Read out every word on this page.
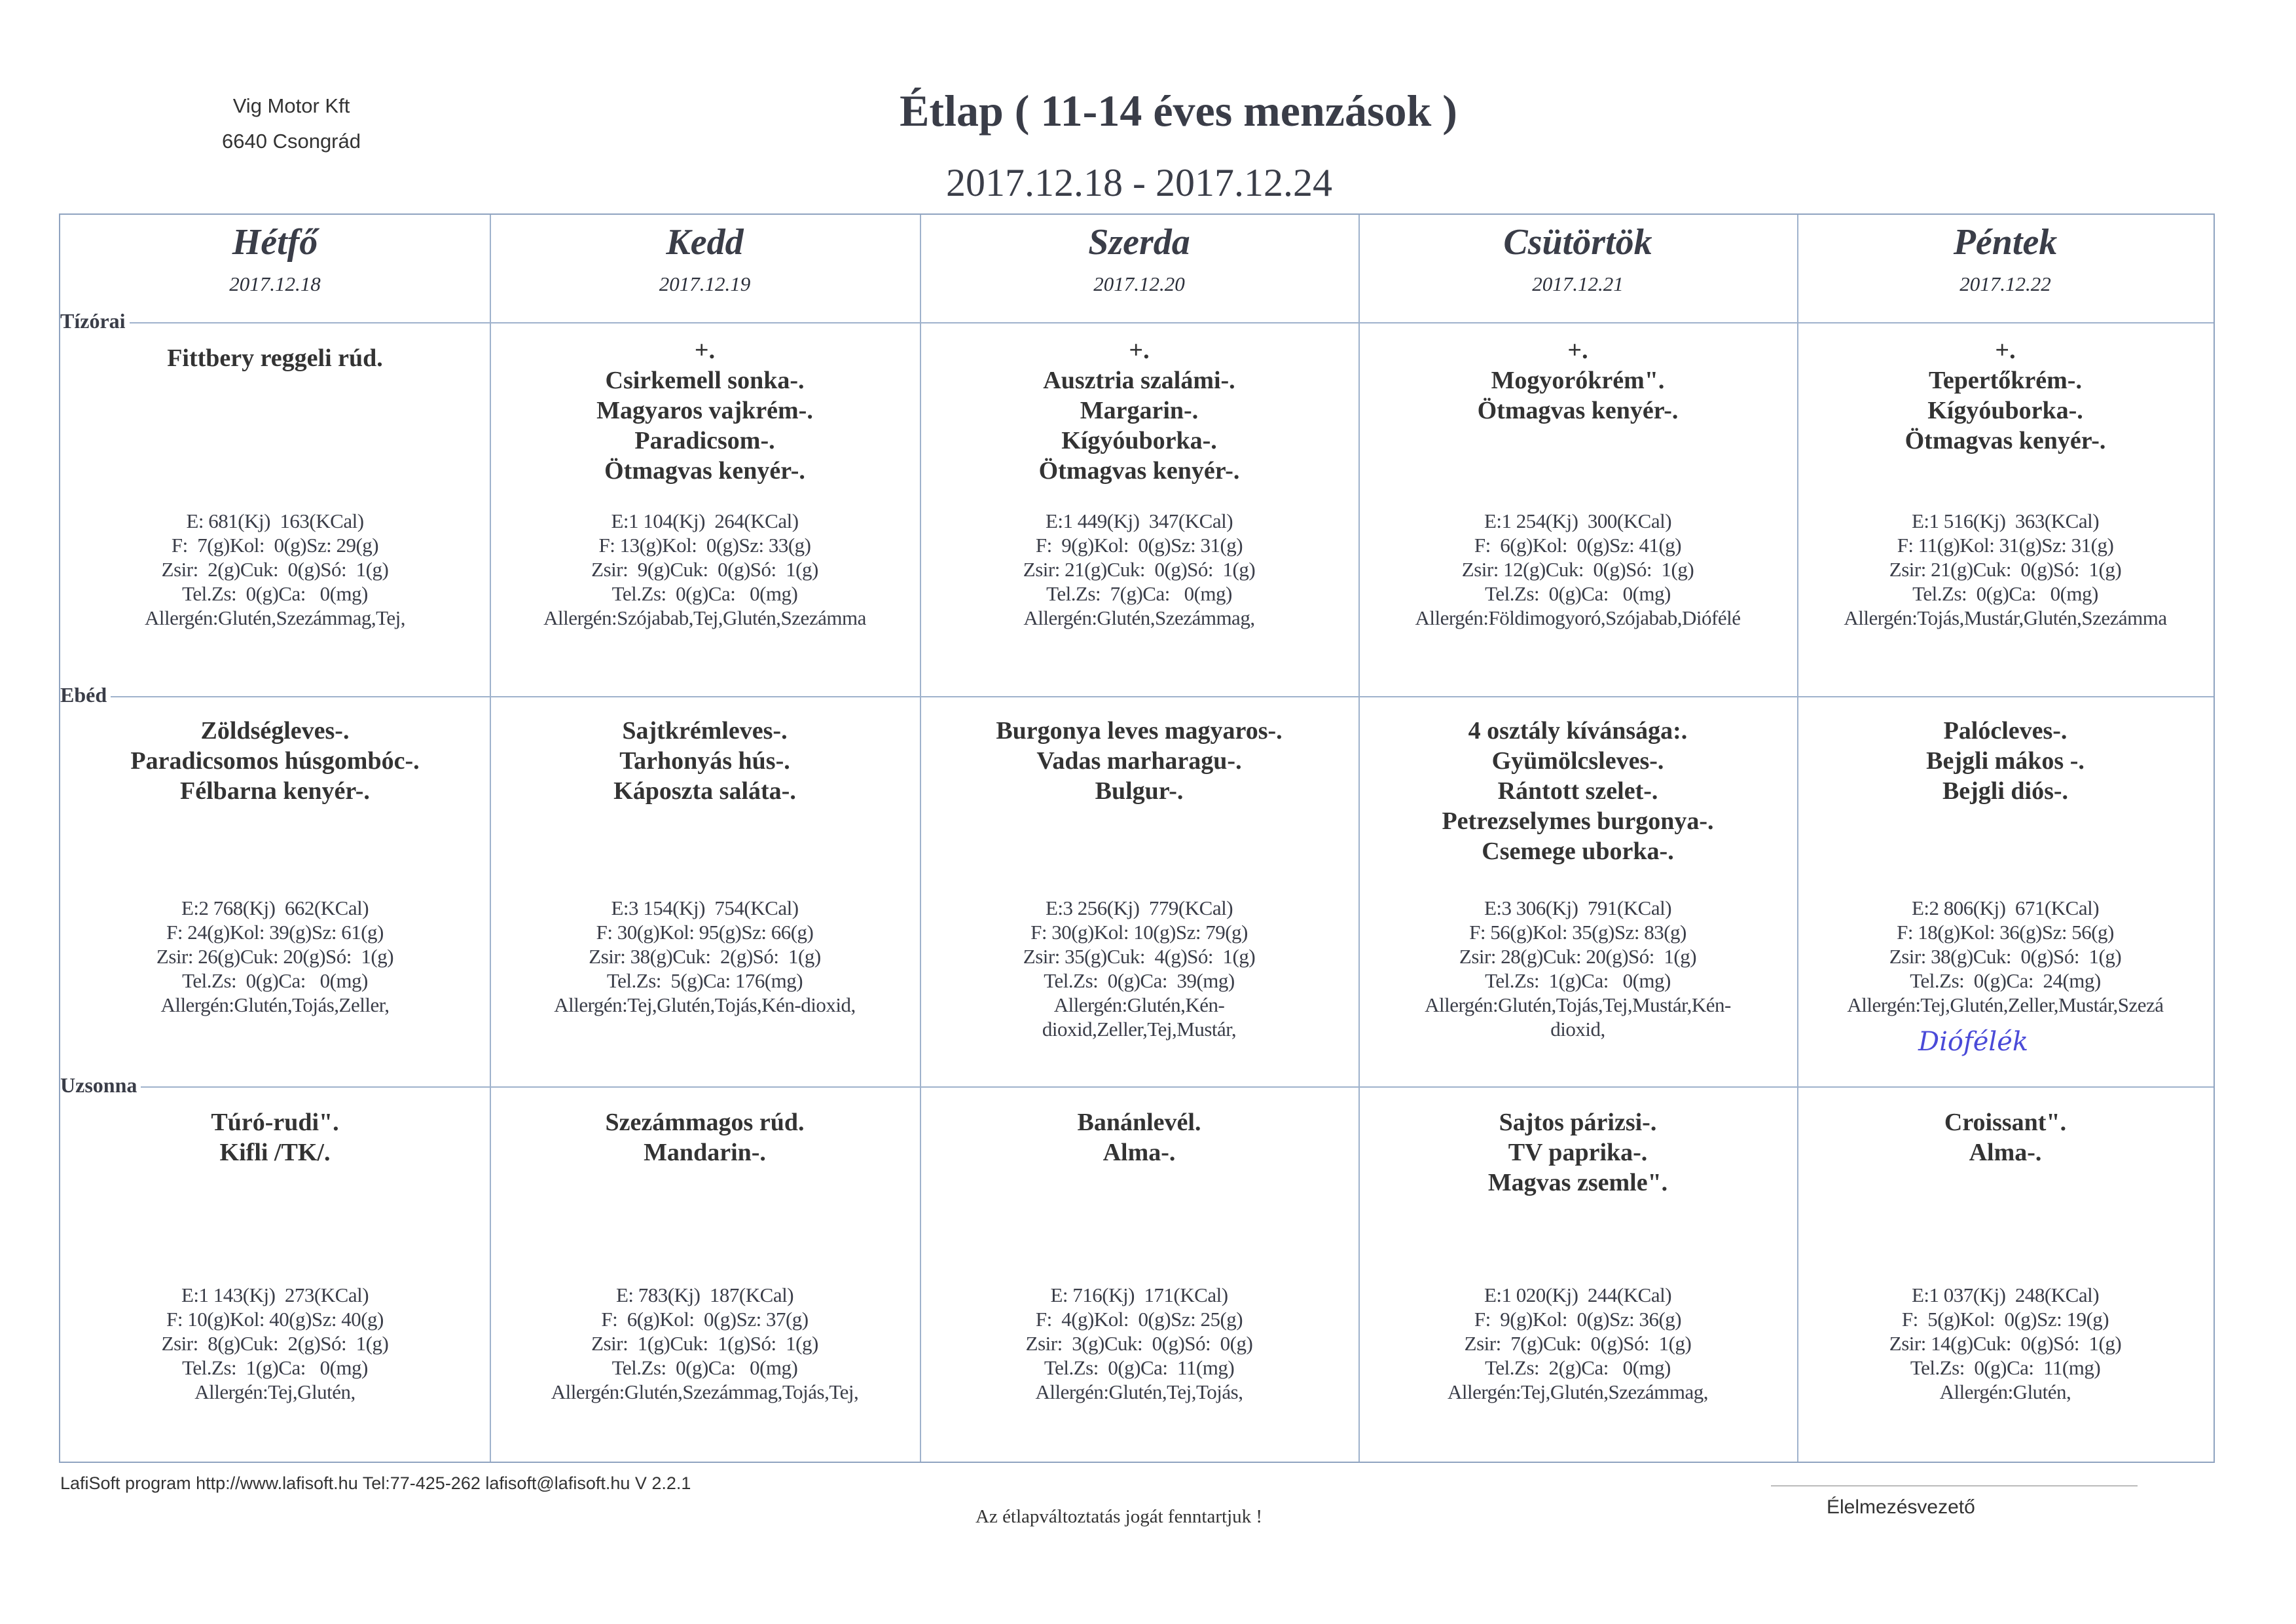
Vig Motor Kft
6640 Csongrád
Étlap ( 11-14 éves menzások )
2017.12.18 - 2017.12.24
Hétfő
2017.12.18
Fittbery reggeli rúd.
E: 681(Kj)  163(KCal)
F:  7(g)Kol:  0(g)Sz: 29(g)
Zsir:  2(g)Cuk:  0(g)Só:  1(g)
Tel.Zs:  0(g)Ca:   0(mg)
Allergén:Glutén,Szezámmag,Tej,
Zöldségleves-.
Paradicsomos húsgombóc-.
Félbarna kenyér-.
E:2 768(Kj)  662(KCal)
F: 24(g)Kol: 39(g)Sz: 61(g)
Zsir: 26(g)Cuk: 20(g)Só:  1(g)
Tel.Zs:  0(g)Ca:   0(mg)
Allergén:Glutén,Tojás,Zeller,
Túró-rudi".
Kifli /TK/.
E:1 143(Kj)  273(KCal)
F: 10(g)Kol: 40(g)Sz: 40(g)
Zsir:  8(g)Cuk:  2(g)Só:  1(g)
Tel.Zs:  1(g)Ca:   0(mg)
Allergén:Tej,Glutén,
Kedd
2017.12.19
+.
Csirkemell sonka-.
Magyaros vajkrém-.
Paradicsom-.
Ötmagvas kenyér-.
E:1 104(Kj)  264(KCal)
F: 13(g)Kol:  0(g)Sz: 33(g)
Zsir:  9(g)Cuk:  0(g)Só:  1(g)
Tel.Zs:  0(g)Ca:   0(mg)
Allergén:Szójabab,Tej,Glutén,Szezámma
Sajtkrémleves-.
Tarhonyás hús-.
Káposzta saláta-.
E:3 154(Kj)  754(KCal)
F: 30(g)Kol: 95(g)Sz: 66(g)
Zsir: 38(g)Cuk:  2(g)Só:  1(g)
Tel.Zs:  5(g)Ca: 176(mg)
Allergén:Tej,Glutén,Tojás,Kén-dioxid,
Szezámmagos rúd.
Mandarin-.
E: 783(Kj)  187(KCal)
F:  6(g)Kol:  0(g)Sz: 37(g)
Zsir:  1(g)Cuk:  1(g)Só:  1(g)
Tel.Zs:  0(g)Ca:   0(mg)
Allergén:Glutén,Szezámmag,Tojás,Tej,
Szerda
2017.12.20
+.
Ausztria szalámi-.
Margarin-.
Kígyóuborka-.
Ötmagvas kenyér-.
E:1 449(Kj)  347(KCal)
F:  9(g)Kol:  0(g)Sz: 31(g)
Zsir: 21(g)Cuk:  0(g)Só:  1(g)
Tel.Zs:  7(g)Ca:   0(mg)
Allergén:Glutén,Szezámmag,
Burgonya leves magyaros-.
Vadas marharagu-.
Bulgur-.
E:3 256(Kj)  779(KCal)
F: 30(g)Kol: 10(g)Sz: 79(g)
Zsir: 35(g)Cuk:  4(g)Só:  1(g)
Tel.Zs:  0(g)Ca:  39(mg)
Allergén:Glutén,Kén-
dioxid,Zeller,Tej,Mustár,
Banánlevél.
Alma-.
E: 716(Kj)  171(KCal)
F:  4(g)Kol:  0(g)Sz: 25(g)
Zsir:  3(g)Cuk:  0(g)Só:  0(g)
Tel.Zs:  0(g)Ca:  11(mg)
Allergén:Glutén,Tej,Tojás,
Csütörtök
2017.12.21
+.
Mogyorókrém".
Ötmagvas kenyér-.
E:1 254(Kj)  300(KCal)
F:  6(g)Kol:  0(g)Sz: 41(g)
Zsir: 12(g)Cuk:  0(g)Só:  1(g)
Tel.Zs:  0(g)Ca:   0(mg)
Allergén:Földimogyoró,Szójabab,Diófélé
4 osztály kívánsága:.
Gyümölcsleves-.
Rántott szelet-.
Petrezselymes burgonya-.
Csemege uborka-.
E:3 306(Kj)  791(KCal)
F: 56(g)Kol: 35(g)Sz: 83(g)
Zsir: 28(g)Cuk: 20(g)Só:  1(g)
Tel.Zs:  1(g)Ca:   0(mg)
Allergén:Glutén,Tojás,Tej,Mustár,Kén-
dioxid,
Sajtos párizsi-.
TV paprika-.
Magvas zsemle".
E:1 020(Kj)  244(KCal)
F:  9(g)Kol:  0(g)Sz: 36(g)
Zsir:  7(g)Cuk:  0(g)Só:  1(g)
Tel.Zs:  2(g)Ca:   0(mg)
Allergén:Tej,Glutén,Szezámmag,
Péntek
2017.12.22
+.
Tepertőkrém-.
Kígyóuborka-.
Ötmagvas kenyér-.
E:1 516(Kj)  363(KCal)
F: 11(g)Kol: 31(g)Sz: 31(g)
Zsir: 21(g)Cuk:  0(g)Só:  1(g)
Tel.Zs:  0(g)Ca:   0(mg)
Allergén:Tojás,Mustár,Glutén,Szezámma
Palócleves-.
Bejgli mákos -.
Bejgli diós-.
E:2 806(Kj)  671(KCal)
F: 18(g)Kol: 36(g)Sz: 56(g)
Zsir: 38(g)Cuk:  0(g)Só:  1(g)
Tel.Zs:  0(g)Ca:  24(mg)
Allergén:Tej,Glutén,Zeller,Mustár,Szezá
Croissant".
Alma-.
E:1 037(Kj)  248(KCal)
F:  5(g)Kol:  0(g)Sz: 19(g)
Zsir: 14(g)Cuk:  0(g)Só:  1(g)
Tel.Zs:  0(g)Ca:  11(mg)
Allergén:Glutén,
Tízórai
Ebéd
Uzsonna
Diófélék
LafiSoft program http://www.lafisoft.hu Tel:77-425-262 lafisoft@lafisoft.hu V 2.2.1
Az étlapváltoztatás jogát fenntartjuk !	Élelmezésvezető
